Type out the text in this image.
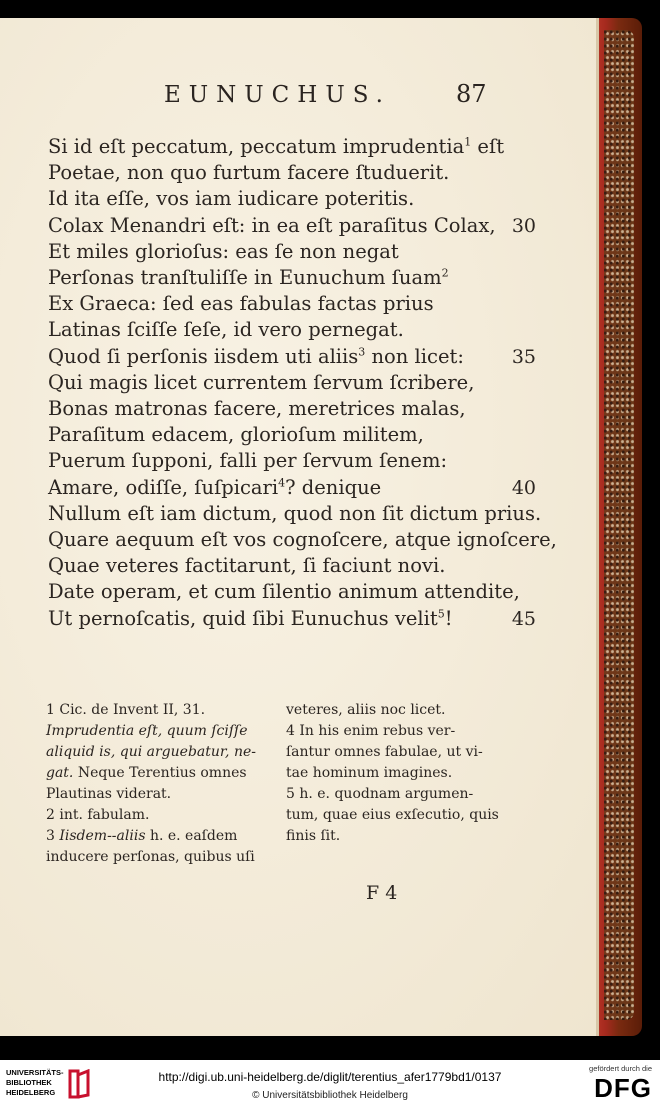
EUNUCHUS.	87
Si id eſt peccatum, peccatum imprudentia$^1$ eſt
Poetae, non quo furtum facere ſtuduerit.
Id ita eſſe, vos iam iudicare poteritis.
Colax Menandri eſt: in ea eſt paraſitus Colax, 30
Et miles glorioſus: eas ſe non negat
Perſonas tranſtuliſſe in Eunuchum ſuam$^2$
Ex Graeca: ſed eas fabulas factas prius
Latinas ſciſſe ſeſe, id vero pernegat.
Quod ſi perſonis iisdem uti aliis$^3$ non licet:	35
Qui magis licet currentem ſervum ſcribere,
Bonas matronas facere, meretrices malas,
Paraſitum edacem, glorioſum militem,
Puerum ſupponi, falli per ſervum ſenem:
Amare, odiſſe, ſuſpicari$^4$? denique	40
Nullum eſt iam dictum, quod non ſit dictum prius.
Quare aequum eſt vos cognoſcere, atque ignoſcere,
Quae veteres factitarunt, ſi faciunt novi.
Date operam, et cum ſilentio animum attendite,
Ut pernoſcatis, quid ſibi Eunuchus velit$^5$!	45
1 Cic. de Invent II, 31.
Imprudentia eſt, quum ſciſſe
aliquid is, qui arguebatur, ne-
gat. Neque Terentius omnes
Plautinas viderat.
2 int. fabulam.
3 Iisdem--aliis h. e. eaſdem
inducere perſonas, quibus uſi
veteres, aliis noc licet.
4 In his enim rebus ver-
ſantur omnes fabulae, ut vi-
tae hominum imagines.
5 h. e. quodnam argumen-
tum, quae eius exſecutio, quis
finis ſit.
F 4
UNIVERSITÄTS-
BIBLIOTHEK
HEIDELBERG
http://digi.ub.uni-heidelberg.de/diglit/terentius_afer1779bd1/0137
© Universitätsbibliothek Heidelberg
gefördert durch die
DFG
